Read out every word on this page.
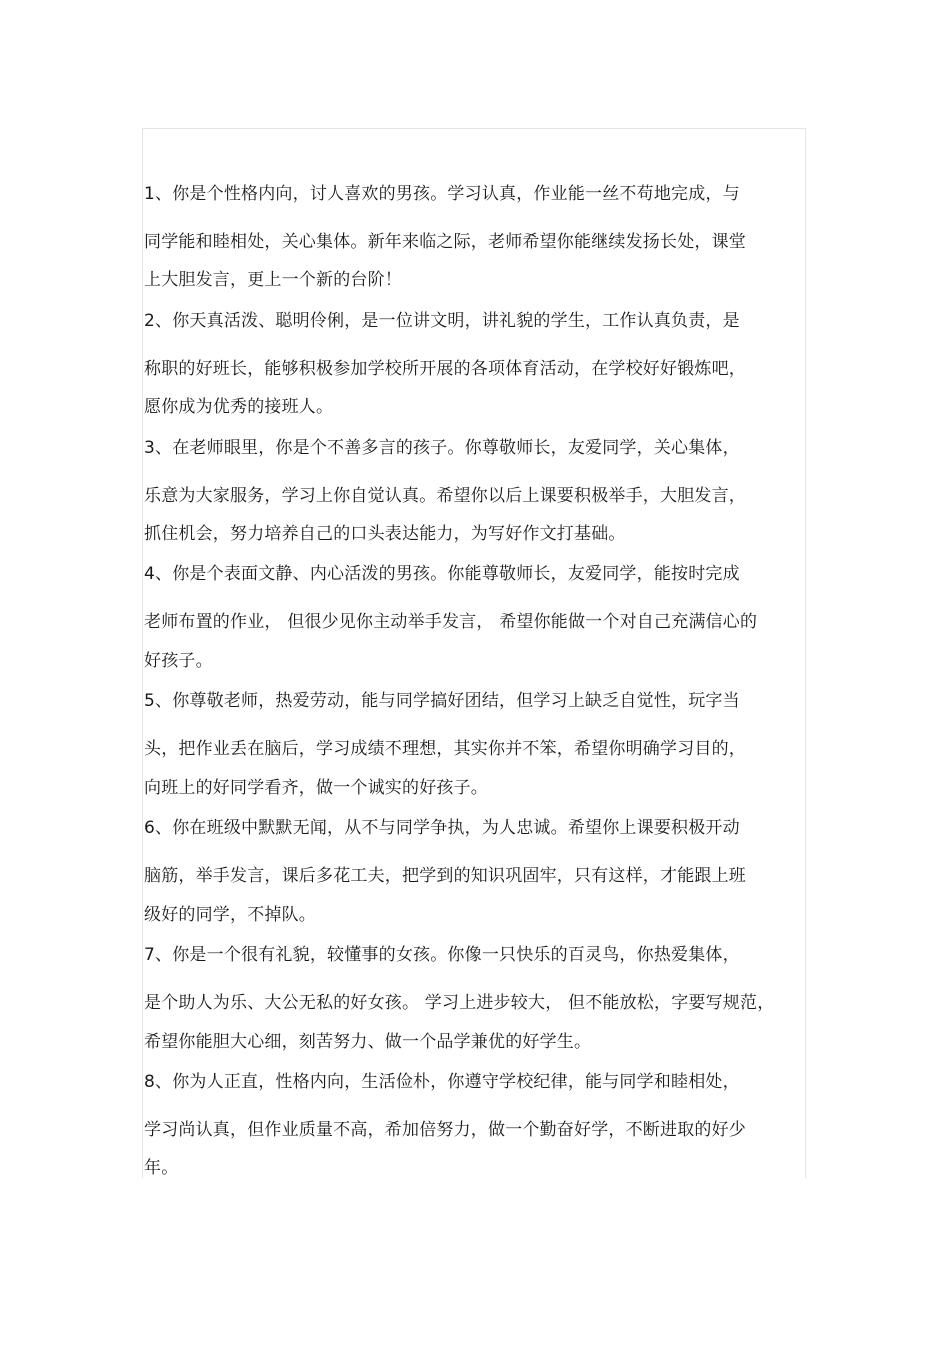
1、你是个性格内向，讨人喜欢的男孩。学习认真，作业能一丝不苟地完成，与
同学能和睦相处，关心集体。新年来临之际，老师希望你能继续发扬长处，课堂
上大胆发言，更上一个新的台阶！
2、你天真活泼、聪明伶俐，是一位讲文明，讲礼貌的学生，工作认真负责，是
称职的好班长，能够积极参加学校所开展的各项体育活动，在学校好好锻炼吧，
愿你成为优秀的接班人。
3、在老师眼里，你是个不善多言的孩子。你尊敬师长，友爱同学，关心集体，
乐意为大家服务，学习上你自觉认真。希望你以后上课要积极举手，大胆发言，
抓住机会，努力培养自己的口头表达能力，为写好作文打基础。
4、你是个表面文静、内心活泼的男孩。你能尊敬师长，友爱同学，能按时完成
老师布置的作业， 但很少见你主动举手发言， 希望你能做一个对自己充满信心的
好孩子。
5、你尊敬老师，热爱劳动，能与同学搞好团结，但学习上缺乏自觉性，玩字当
头，把作业丢在脑后，学习成绩不理想，其实你并不笨，希望你明确学习目的，
向班上的好同学看齐，做一个诚实的好孩子。
6、你在班级中默默无闻，从不与同学争执，为人忠诚。希望你上课要积极开动
脑筋，举手发言，课后多花工夫，把学到的知识巩固牢，只有这样，才能跟上班
级好的同学，不掉队。
7、你是一个很有礼貌，较懂事的女孩。你像一只快乐的百灵鸟，你热爱集体，
是个助人为乐、大公无私的好女孩。 学习上进步较大， 但不能放松，字要写规范，
希望你能胆大心细，刻苦努力、做一个品学兼优的好学生。
8、你为人正直，性格内向，生活俭朴，你遵守学校纪律，能与同学和睦相处，
学习尚认真，但作业质量不高，希加倍努力，做一个勤奋好学，不断进取的好少
年。
